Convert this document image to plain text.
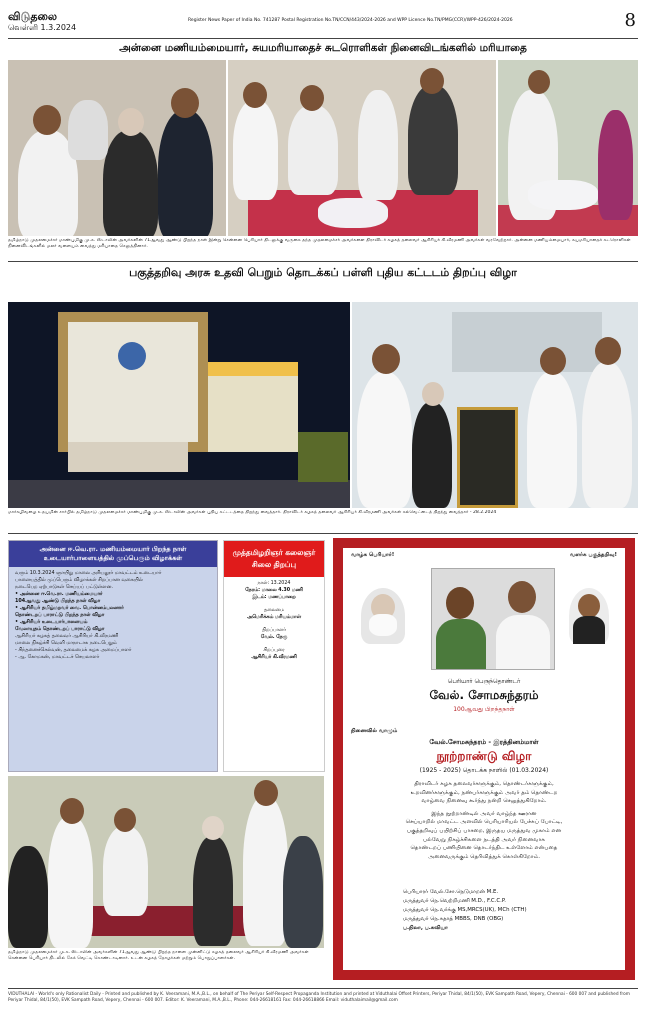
விடுதலை
வெள்ளி 1.3.2024
Register News Paper of India No. 741287 Postal Registration No.TN/CCN/443/2024-2026 and WPP Licence No.TN/PMG(CCR)/WPP-426/2024-2026	8
அன்னை மணியம்மையார், சுயமரியாதைச் சுடரொளிகள் நினைவிடங்களில் மரியாதை
தமிழ்நாடு முதலமைச்சர் மாண்புமிகு மு.க. ஸ்டாலின் அவர்களின் 71ஆவது ஆண்டு பிறந்த நாள் இன்று சென்னை பெரியார் திடலுக்கு வருகை தந்த முதலமைச்சர் அவர்களை திராவிடர் கழகத் தலைவர் ஆசிரியர் கி.வீரமணி அவர்கள் வரவேற்றார். அன்னை மணியம்மையார், சுயமரியாதைச் சுடரொளிகள் நினைவிடங்களில் மலர் வளையம் வைத்து மரியாதை செலுத்தினார்.
பகுத்தறிவு அரசு உதவி பெறும் தொடக்கப் பள்ளி புதிய கட்டடம் திறப்பு விழா
மார்கழிவழை உதயமின் சார்பில் தமிழ்நாடு முதலமைச்சர் மாண்புமிகு மு.க. ஸ்டாலின் அவர்கள் புதிய கட்டடத்தை திறந்து வைத்தார். திராவிடர் கழகத் தலைவர் ஆசிரியர் கி.வீரமணி அவர்கள் கல்வெட்டைத் திறந்து வைத்தார் - 28.2.2024
அன்னை ஈ.வெ.ரா. மணியம்மையார் பிறந்த நாள்
உடையார்பாளையத்தில் முப்பெரும் விழாக்கள்
வரும் 10.3.2024 ஞாயிறு மாலை அரியலூர் மாவட்டம் உடையார்
பாளையத்தில் முப்பெரும் விழாக்கள் சிறப்பான வகையில்
நடைபெற ஏற்பாடுகள் செய்யப் பட்டுள்ளன.
• அன்னை ஈ.வெ.ரா. மணியம்மையார்
104ஆவது ஆண்டு பிறந்த நாள் விழா
• ஆசிரியர் தமிழ்மறவர் வை. பொன்னம்பலனார்
தொண்டறப் பாராட்டு பிறந்த நாள் விழா
• ஆசிரியர் உடையார்பாளையம்
வேலாயுதம் தொண்டறப் பாராட்டு விழா
ஆசிரியர் கழகத் தலைவர் ஆசிரியர் கி.வீரமணி
மாலை நிகழ்ச்சி வெளி மாநாடாக நடைபெறும்
- சிந்தனைச்செல்வன், தலைமைக் கழக அமைப்பாளர்
- ஆ. கோமகன், மாவட்டச் செயலாளர்
முத்தமிழறிஞர் கலைஞர் சிலை திறப்பு
நாள்: 13.2024
நேரம்: மாலை 4.30 மணி
இடம்: மணப்பாறை
தலைமை
அமெரிக்கம் மரியம்மாள்
திறப்பாளர்
வேல். நேரு
சிறப்புரை
ஆசிரியர் கி.வீரமணி
தமிழ்நாடு முதலமைச்சர் மு.க. ஸ்டாலின் அவர்களின் 71ஆவது ஆண்டு பிறந்த நாளை முன்னிட்டு கழகத் தலைவர் ஆசிரியர் கி.வீரமணி அவர்கள் சென்னை பெரியார் திடலில் கேக் வெட்டி கொண்டாடினார். உடன் கழகத் தோழர்கள் மற்றும் பொறுப்பாளர்கள்.
வாழ்க பெரியார்!	வளர்க பகுத்தறிவு!
பெரியார் பெருந்தொண்டர்
வேல். சோமசுந்தரம்
100ஆவது பிறந்தநாள்
நினைவில் வாழும்
வேல்.சோமசுந்தரம் - இரத்தினம்மாள்
நூற்றாண்டு விழா
(1925 - 2025) தொடக்க நாளில் (01.03.2024)
திராவிடர் கழக தலைவர்களுக்கும், தொண்டர்களுக்கும்,
உறவினர்களுக்கும், நண்பர்களுக்கும் அவர் தம் தொண்டற
வாழ்வை நினைவு கூர்ந்து நன்றி செலுத்துகிறோம்.
இந்த நூற்றாண்டில் அவர் வாழ்ந்த ஊரான
செய்யாறில் மாவட்ட அளவில் பெரியாரியல் பேச்சுப் போட்டி,
பகுத்தறிவுப் பயிற்சிப் பாசறை, இருதய மருத்துவ முகாம் என
பல்வேறு நிகழ்ச்சிகளை நடத்தி அவர் நினைவாக
தொண்டறப் பணியினை தொடர்ந்திட உள்ளோம் என்பதை
அனைவருக்கும் தெரிவித்துக் கொள்கிறோம்.
பெரியாரர் வேல்.சோ.நெடுமாறன் M.E.
மருத்துவர் நெ.வெற்றிமணி M.D., F.C.C.P.
மருத்துவர் நெ.வர்க்கு MS,MRCS(UK), MCh (CTH)
மருத்துவர் நெ.சுதாத் MBBS, DNB (OBG)
ப.நிலா, ப.கவியா
VIDUTHALAI - World's only Rationalist Daily - Printed and published by K. Veeramani, M.A.,B.L., on behalf of The Periyar Self-Respect Propaganda Institution and printed at Viduthalai Offset Printers, Periyar Thidal, 84/1(50), EVK Sampath Road, Vepery, Chennai - 600 007 and published from
Periyar Thidal, 84/1(50), EVK Sampath Road, Vepery, Chennai - 600 007. Editor: K. Veeramani, M.A.,B.L., Phone: 044-26618161 Fax: 044-26618866 Email: viduthalaimail@gmail.com
